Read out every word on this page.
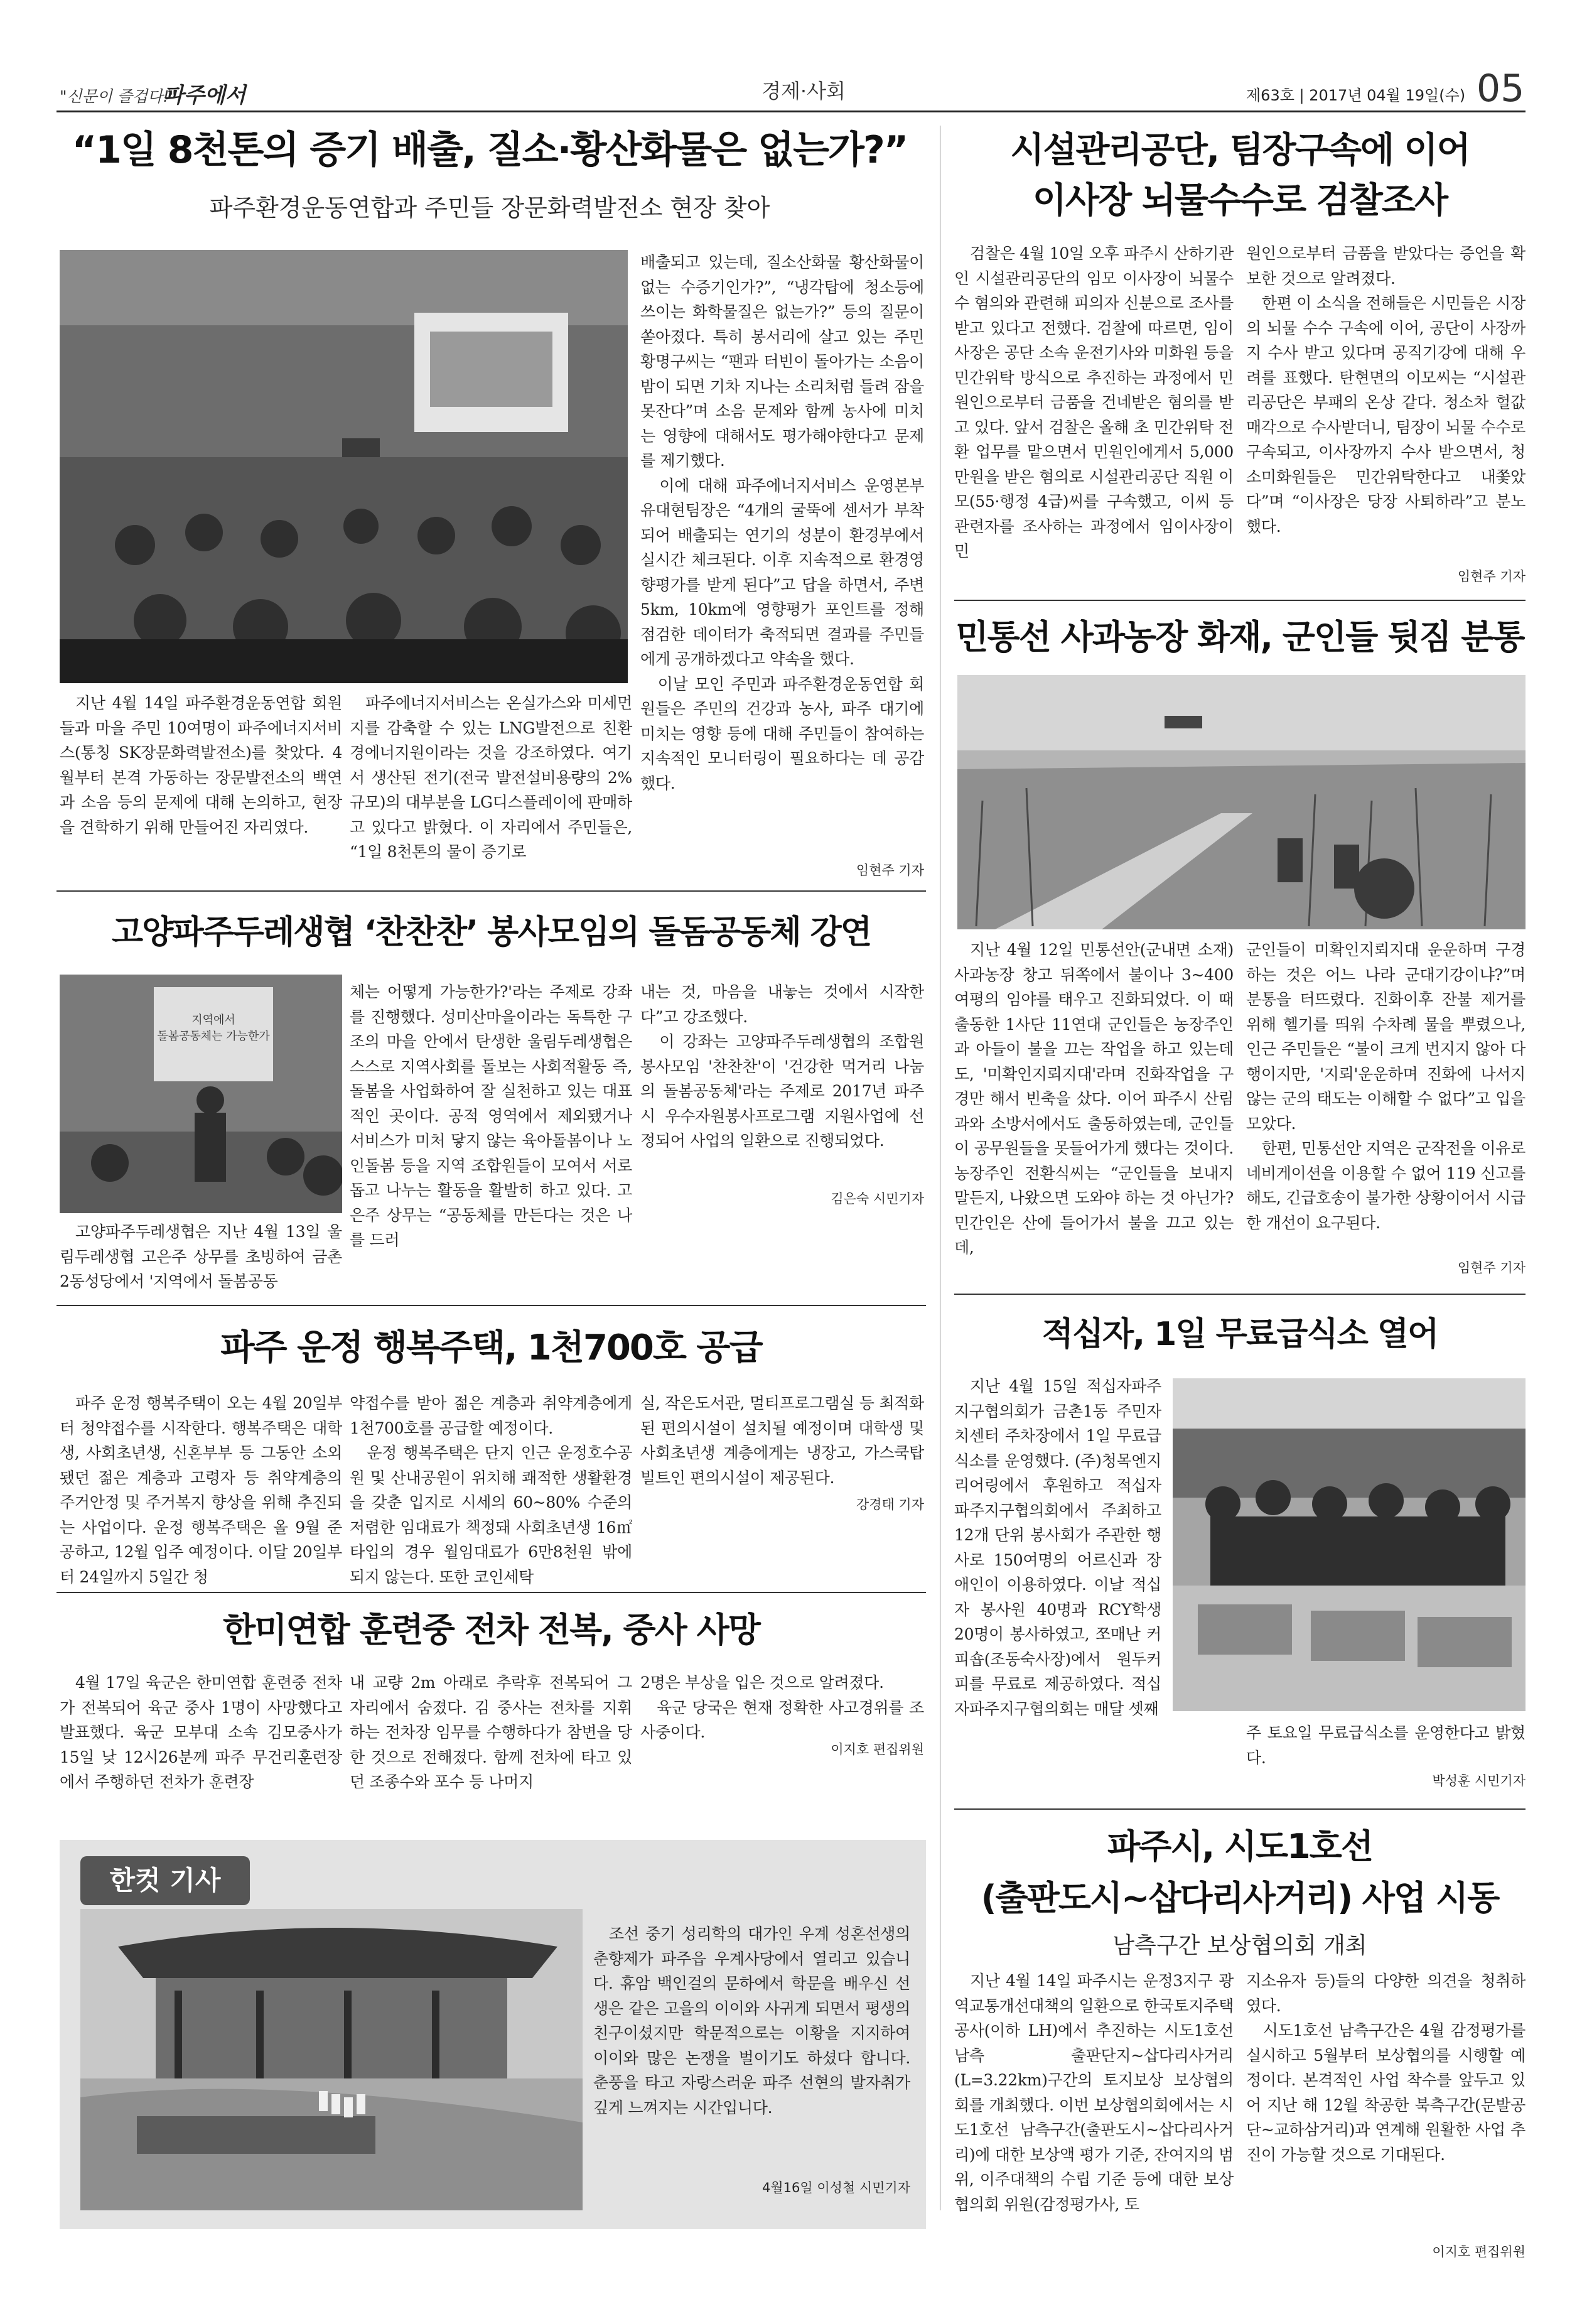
"신문이 즐겁다!"
파주에서	경제·사회	제63호 | 2017년 04월 19일(수) 05
“1일 8천톤의 증기 배출, 질소·황산화물은 없는가?”
파주환경운동연합과 주민들 장문화력발전소 현장 찾아
지난 4월 14일 파주환경운동연합 회원들과 마을 주민 10여명이 파주에너지서비스(통칭 SK장문화력발전소)를 찾았다. 4월부터 본격 가동하는 장문발전소의 백연과 소음 등의 문제에 대해 논의하고, 현장을 견학하기 위해 만들어진 자리였다.
파주에너지서비스는 온실가스와 미세먼지를 감축할 수 있는 LNG발전으로 친환경에너지원이라는 것을 강조하였다. 여기서 생산된 전기(전국 발전설비용량의 2%규모)의 대부분을 LG디스플레이에 판매하고 있다고 밝혔다. 이 자리에서 주민들은, “1일 8천톤의 물이 증기로
배출되고 있는데, 질소산화물 황산화물이 없는 수증기인가?”, “냉각탑에 청소등에 쓰이는 화학물질은 없는가?” 등의 질문이 쏟아졌다. 특히 봉서리에 살고 있는 주민 황명구씨는 “팬과 터빈이 돌아가는 소음이 밤이 되면 기차 지나는 소리처럼 들려 잠을 못잔다”며 소음 문제와 함께 농사에 미치는 영향에 대해서도 평가해야한다고 문제를 제기했다.
　이에 대해 파주에너지서비스 운영본부 유대현팀장은 “4개의 굴뚝에 센서가 부착되어 배출되는 연기의 성분이 환경부에서 실시간 체크된다. 이후 지속적으로 환경영향평가를 받게 된다”고 답을 하면서, 주변 5km, 10km에 영향평가 포인트를 정해 점검한 데이터가 축적되면 결과를 주민들에게 공개하겠다고 약속을 했다.
　이날 모인 주민과 파주환경운동연합 회원들은 주민의 건강과 농사, 파주 대기에 미치는 영향 등에 대해 주민들이 참여하는 지속적인 모니터링이 필요하다는 데 공감했다.
임현주 기자
시설관리공단, 팀장구속에 이어
이사장 뇌물수수로 검찰조사
검찰은 4월 10일 오후 파주시 산하기관인 시설관리공단의 임모 이사장이 뇌물수수 혐의와 관련해 피의자 신분으로 조사를 받고 있다고 전했다. 검찰에 따르면, 임이사장은 공단 소속 운전기사와 미화원 등을 민간위탁 방식으로 추진하는 과정에서 민원인으로부터 금품을 건네받은 혐의를 받고 있다. 앞서 검찰은 올해 초 민간위탁 전환 업무를 맡으면서 민원인에게서 5,000만원을 받은 혐의로 시설관리공단 직원 이모(55·행정 4급)씨를 구속했고, 이씨 등 관련자를 조사하는 과정에서 임이사장이 민
원인으로부터 금품을 받았다는 증언을 확보한 것으로 알려졌다.
　한편 이 소식을 전해들은 시민들은 시장의 뇌물 수수 구속에 이어, 공단이 사장까지 수사 받고 있다며 공직기강에 대해 우려를 표했다. 탄현면의 이모씨는 “시설관리공단은 부패의 온상 같다. 청소차 헐값매각으로 수사받더니, 팀장이 뇌물 수수로 구속되고, 이사장까지 수사 받으면서, 청소미화원들은 민간위탁한다고 내쫓았다”며 “이사장은 당장 사퇴하라”고 분노했다.
임현주 기자
민통선 사과농장 화재, 군인들 뒷짐 분통
지난 4월 12일 민통선안(군내면 소재) 사과농장 창고 뒤쪽에서 불이나 3~400여평의 임야를 태우고 진화되었다. 이 때 출동한 1사단 11연대 군인들은 농장주인과 아들이 불을 끄는 작업을 하고 있는데도, '미확인지뢰지대'라며 진화작업을 구경만 해서 빈축을 샀다. 이어 파주시 산림과와 소방서에서도 출동하였는데, 군인들이 공무원들을 못들어가게 했다는 것이다. 농장주인 전환식씨는 “군인들을 보내지 말든지, 나왔으면 도와야 하는 것 아닌가? 민간인은 산에 들어가서 불을 끄고 있는데,
군인들이 미확인지뢰지대 운운하며 구경하는 것은 어느 나라 군대기강이냐?”며 분통을 터뜨렸다. 진화이후 잔불 제거를 위해 헬기를 띄워 수차례 물을 뿌렸으나, 인근 주민들은 “불이 크게 번지지 않아 다행이지만, '지뢰'운운하며 진화에 나서지 않는 군의 태도는 이해할 수 없다”고 입을 모았다.
　한편, 민통선안 지역은 군작전을 이유로 네비게이션을 이용할 수 없어 119 신고를 해도, 긴급호송이 불가한 상황이어서 시급한 개선이 요구된다.
임현주 기자
고양파주두레생협 ‘찬찬찬’ 봉사모임의 돌돔공동체 강연
지역에서
돌봄공동체는 가능한가
고양파주두레생협은 지난 4월 13일 울림두레생협 고은주 상무를 초빙하여 금촌2동성당에서 '지역에서 돌봄공동
체는 어떻게 가능한가?'라는 주제로 강좌를 진행했다. 성미산마을이라는 독특한 구조의 마을 안에서 탄생한 울림두레생협은 스스로 지역사회를 돌보는 사회적활동 즉, 돌봄을 사업화하여 잘 실천하고 있는 대표적인 곳이다. 공적 영역에서 제외됐거나 서비스가 미처 닿지 않는 육아돌봄이나 노인돌봄 등을 지역 조합원들이 모여서 서로 돕고 나누는 활동을 활발히 하고 있다. 고은주 상무는 “공동체를 만든다는 것은 나를 드러
내는 것, 마음을 내놓는 것에서 시작한다”고 강조했다.
　이 강좌는 고양파주두레생협의 조합원 봉사모임 '찬찬찬'이 '건강한 먹거리 나눔의 돌봄공동체'라는 주제로 2017년 파주시 우수자원봉사프로그램 지원사업에 선정되어 사업의 일환으로 진행되었다.
김은숙 시민기자
적십자, 1일 무료급식소 열어
지난 4월 15일 적십자파주지구협의회가 금촌1동 주민자치센터 주차장에서 1일 무료급식소를 운영했다. (주)청목엔지리어링에서 후원하고 적십자 파주지구협의회에서 주최하고 12개 단위 봉사회가 주관한 행사로 150여명의 어르신과 장애인이 이용하였다. 이날 적십자 봉사원 40명과 RCY학생 20명이 봉사하였고, 쪼매난 커피숍(조동숙사장)에서 원두커피를 무료로 제공하였다. 적십자파주지구협의회는 매달 셋째
주 토요일 무료급식소를 운영한다고 밝혔다.
박성훈 시민기자
파주 운정 행복주택, 1천700호 공급
파주 운정 행복주택이 오는 4월 20일부터 청약접수를 시작한다. 행복주택은 대학생, 사회초년생, 신혼부부 등 그동안 소외됐던 젊은 계층과 고령자 등 취약계층의 주거안정 및 주거복지 향상을 위해 추진되는 사업이다. 운정 행복주택은 올 9월 준공하고, 12월 입주 예정이다. 이달 20일부터 24일까지 5일간 청
약접수를 받아 젊은 계층과 취약계층에게 1천700호를 공급할 예정이다.
　운정 행복주택은 단지 인근 운정호수공원 및 산내공원이 위치해 쾌적한 생활환경을 갖춘 입지로 시세의 60~80% 수준의 저렴한 임대료가 책정돼 사회초년생 16㎡타입의 경우 월임대료가 6만8천원 밖에 되지 않는다. 또한 코인세탁
실, 작은도서관, 멀티프로그램실 등 최적화된 편의시설이 설치될 예정이며 대학생 및 사회초년생 계층에게는 냉장고, 가스쿡탑 빌트인 편의시설이 제공된다.
강경태 기자
한미연합 훈련중 전차 전복, 중사 사망
4월 17일 육군은 한미연합 훈련중 전차가 전복되어 육군 중사 1명이 사망했다고 발표했다. 육군 모부대 소속 김모중사가 15일 낮 12시26분께 파주 무건리훈련장에서 주행하던 전차가 훈련장
내 교량 2m 아래로 추락후 전복되어 그 자리에서 숨졌다. 김 중사는 전차를 지휘하는 전차장 임무를 수행하다가 참변을 당한 것으로 전해졌다. 함께 전차에 타고 있던 조종수와 포수 등 나머지
2명은 부상을 입은 것으로 알려졌다.
　육군 당국은 현재 정확한 사고경위를 조사중이다.
이지호 편집위원
한컷 기사
조선 중기 성리학의 대가인 우계 성혼선생의 춘향제가 파주읍 우계사당에서 열리고 있습니다. 휴암 백인걸의 문하에서 학문을 배우신 선생은 같은 고을의 이이와 사귀게 되면서 평생의 친구이셨지만 학문적으로는 이황을 지지하여 이이와 많은 논쟁을 벌이기도 하셨다 합니다. 춘풍을 타고 자랑스러운 파주 선현의 발자취가 깊게 느껴지는 시간입니다.
4월16일 이성철 시민기자
파주시, 시도1호선
(출판도시~삽다리사거리) 사업 시동
남측구간 보상협의회 개최
지난 4월 14일 파주시는 운정3지구 광역교통개선대책의 일환으로 한국토지주택공사(이하 LH)에서 추진하는 시도1호선 남측 출판단지~삽다리사거리(L=3.22km)구간의 토지보상 보상협의회를 개최했다. 이번 보상협의회에서는 시도1호선 남측구간(출판도시~삽다리사거리)에 대한 보상액 평가 기준, 잔여지의 범위, 이주대책의 수립 기준 등에 대한 보상협의회 위원(감정평가사, 토
지소유자 등)들의 다양한 의견을 청취하였다.
　시도1호선 남측구간은 4월 감정평가를 실시하고 5월부터 보상협의를 시행할 예정이다. 본격적인 사업 착수를 앞두고 있어 지난 해 12월 착공한 북측구간(문발공단~교하삼거리)과 연계해 원활한 사업 추진이 가능할 것으로 기대된다.
이지호 편집위원
